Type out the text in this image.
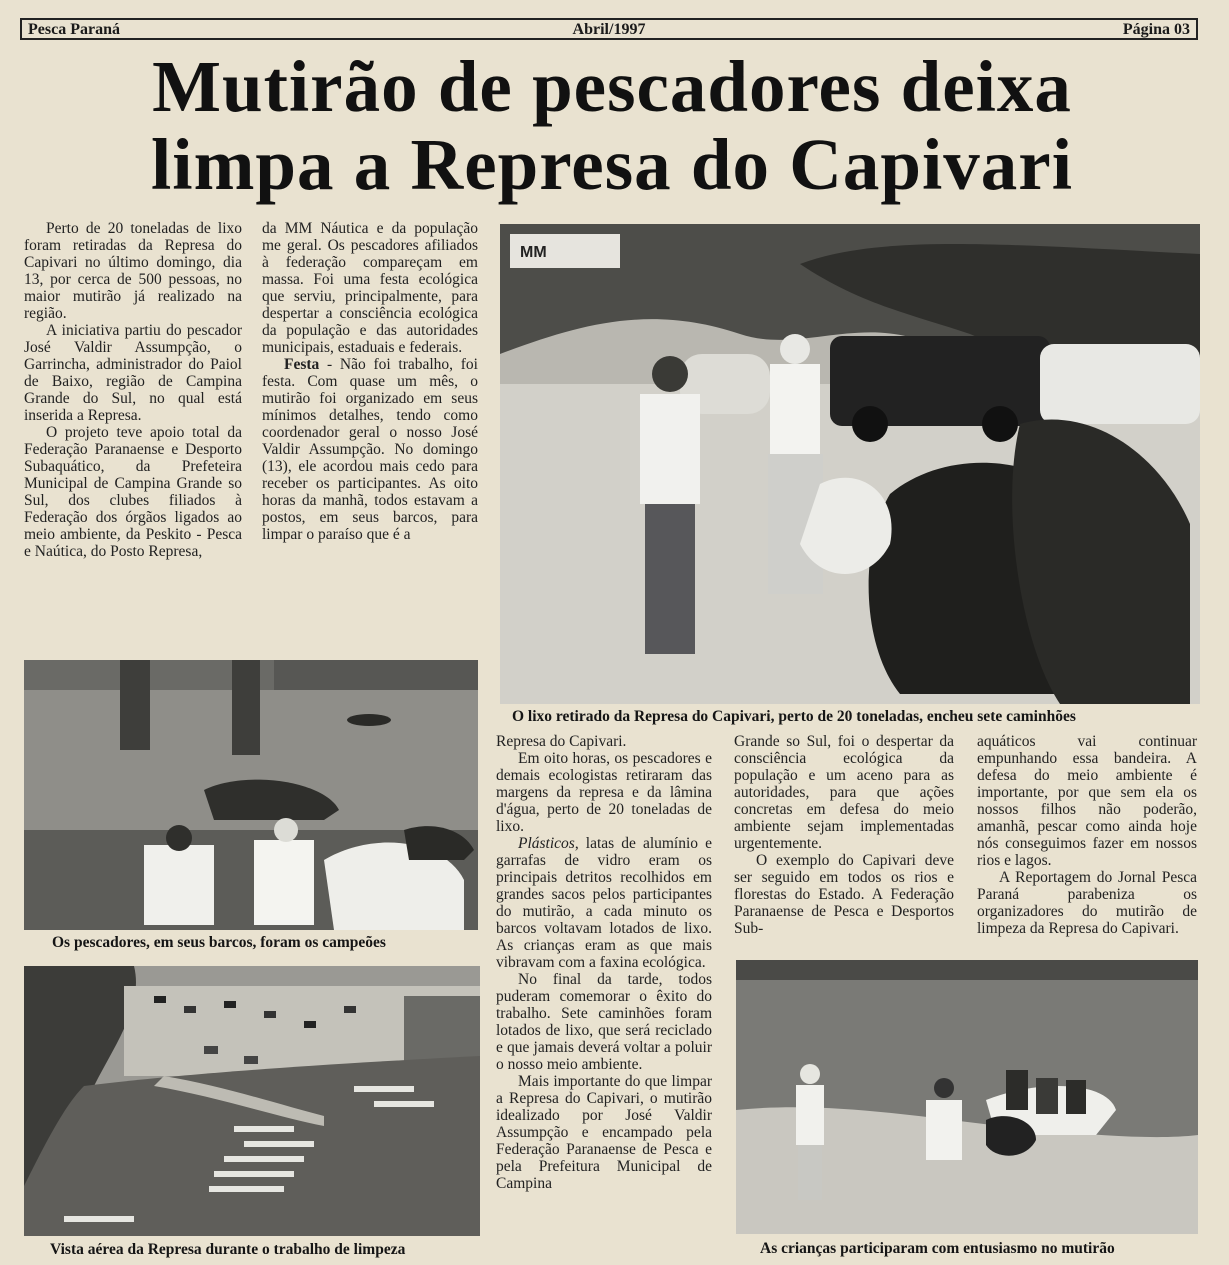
Pesca Paraná	Abril/1997	Página 03
Mutirão de pescadores deixa
limpa a Represa do Capivari

Perto de 20 toneladas de lixo foram retiradas da Represa do Capivari no último domingo, dia 13, por cerca de 500 pessoas, no maior mutirão já realizado na região.

A iniciativa partiu do pescador José Valdir Assumpção, o Garrincha, administrador do Paiol de Baixo, região de Campina Grande do Sul, no qual está inserida a Represa.

O projeto teve apoio total da Federação Paranaense e Desporto Subaquático, da Prefeteira Municipal de Campina Grande so Sul, dos clubes filiados à Federação dos órgãos ligados ao meio ambiente, da Peskito - Pesca e Naútica, do Posto Represa,

da MM Náutica e da população me geral. Os pescadores afiliados à federação compareçam em massa. Foi uma festa ecológica que serviu, principalmente, para despertar a consciência ecológica da população e das autoridades municipais, estaduais e federais.

Festa - Não foi trabalho, foi festa. Com quase um mês, o mutirão foi organizado em seus mínimos detalhes, tendo como coordenador geral o nosso José Valdir Assumpção. No domingo (13), ele acordou mais cedo para receber os participantes. As oito horas da manhã, todos estavam a postos, em seus barcos, para limpar o paraíso que é a

MM
O lixo retirado da Represa do Capivari, perto de 20 toneladas, encheu sete caminhões
Os pescadores, em seus barcos, foram os campeões
Vista aérea da Represa durante o trabalho de limpeza

Represa do Capivari.

Em oito horas, os pescadores e demais ecologistas retiraram das margens da represa e da lâmina d'água, perto de 20 toneladas de lixo.

Plásticos, latas de alumínio e garrafas de vidro eram os principais detritos recolhidos em grandes sacos pelos participantes do mutirão, a cada minuto os barcos voltavam lotados de lixo. As crianças eram as que mais vibravam com a faxina ecológica.

No final da tarde, todos puderam comemorar o êxito do trabalho. Sete caminhões foram lotados de lixo, que será reciclado e que jamais deverá voltar a poluir o nosso meio ambiente.

Mais importante do que limpar a Represa do Capivari, o mutirão idealizado por José Valdir Assumpção e encampado pela Federação Paranaense de Pesca e pela Prefeitura Municipal de Campina

Grande so Sul, foi o despertar da consciência ecológica da população e um aceno para as autoridades, para que ações concretas em defesa do meio ambiente sejam implementadas urgentemente.

O exemplo do Capivari deve ser seguido em todos os rios e florestas do Estado. A Federação Paranaense de Pesca e Desportos Sub-

aquáticos vai continuar empunhando essa bandeira. A defesa do meio ambiente é importante, por que sem ela os nossos filhos não poderão, amanhã, pescar como ainda hoje nós conseguimos fazer em nossos rios e lagos.

A Reportagem do Jornal Pesca Paraná parabeniza os organizadores do mutirão de limpeza da Represa do Capivari.

As crianças participaram com entusiasmo no mutirão
